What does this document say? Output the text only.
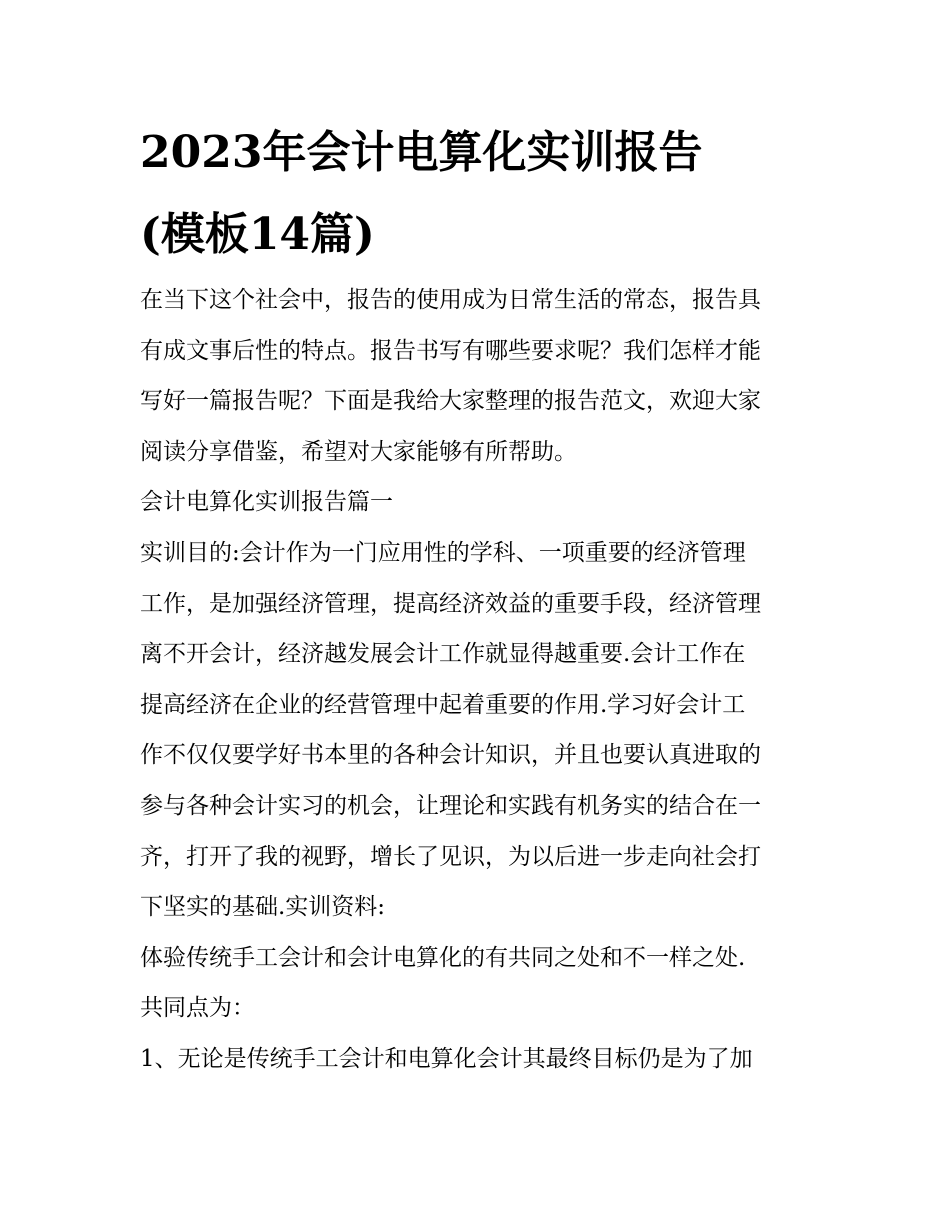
2023年会计电算化实训报告
(模板14篇)
在当下这个社会中，报告的使用成为日常生活的常态，报告具
有成文事后性的特点。报告书写有哪些要求呢？我们怎样才能
写好一篇报告呢？下面是我给大家整理的报告范文，欢迎大家
阅读分享借鉴，希望对大家能够有所帮助。
会计电算化实训报告篇一
实训目的:会计作为一门应用性的学科、一项重要的经济管理
工作，是加强经济管理，提高经济效益的重要手段，经济管理
离不开会计，经济越发展会计工作就显得越重要.会计工作在
提高经济在企业的经营管理中起着重要的作用.学习好会计工
作不仅仅要学好书本里的各种会计知识，并且也要认真进取的
参与各种会计实习的机会，让理论和实践有机务实的结合在一
齐，打开了我的视野，增长了见识，为以后进一步走向社会打
下坚实的基础.实训资料:
体验传统手工会计和会计电算化的有共同之处和不一样之处.
共同点为：
1、无论是传统手工会计和电算化会计其最终目标仍是为了加
